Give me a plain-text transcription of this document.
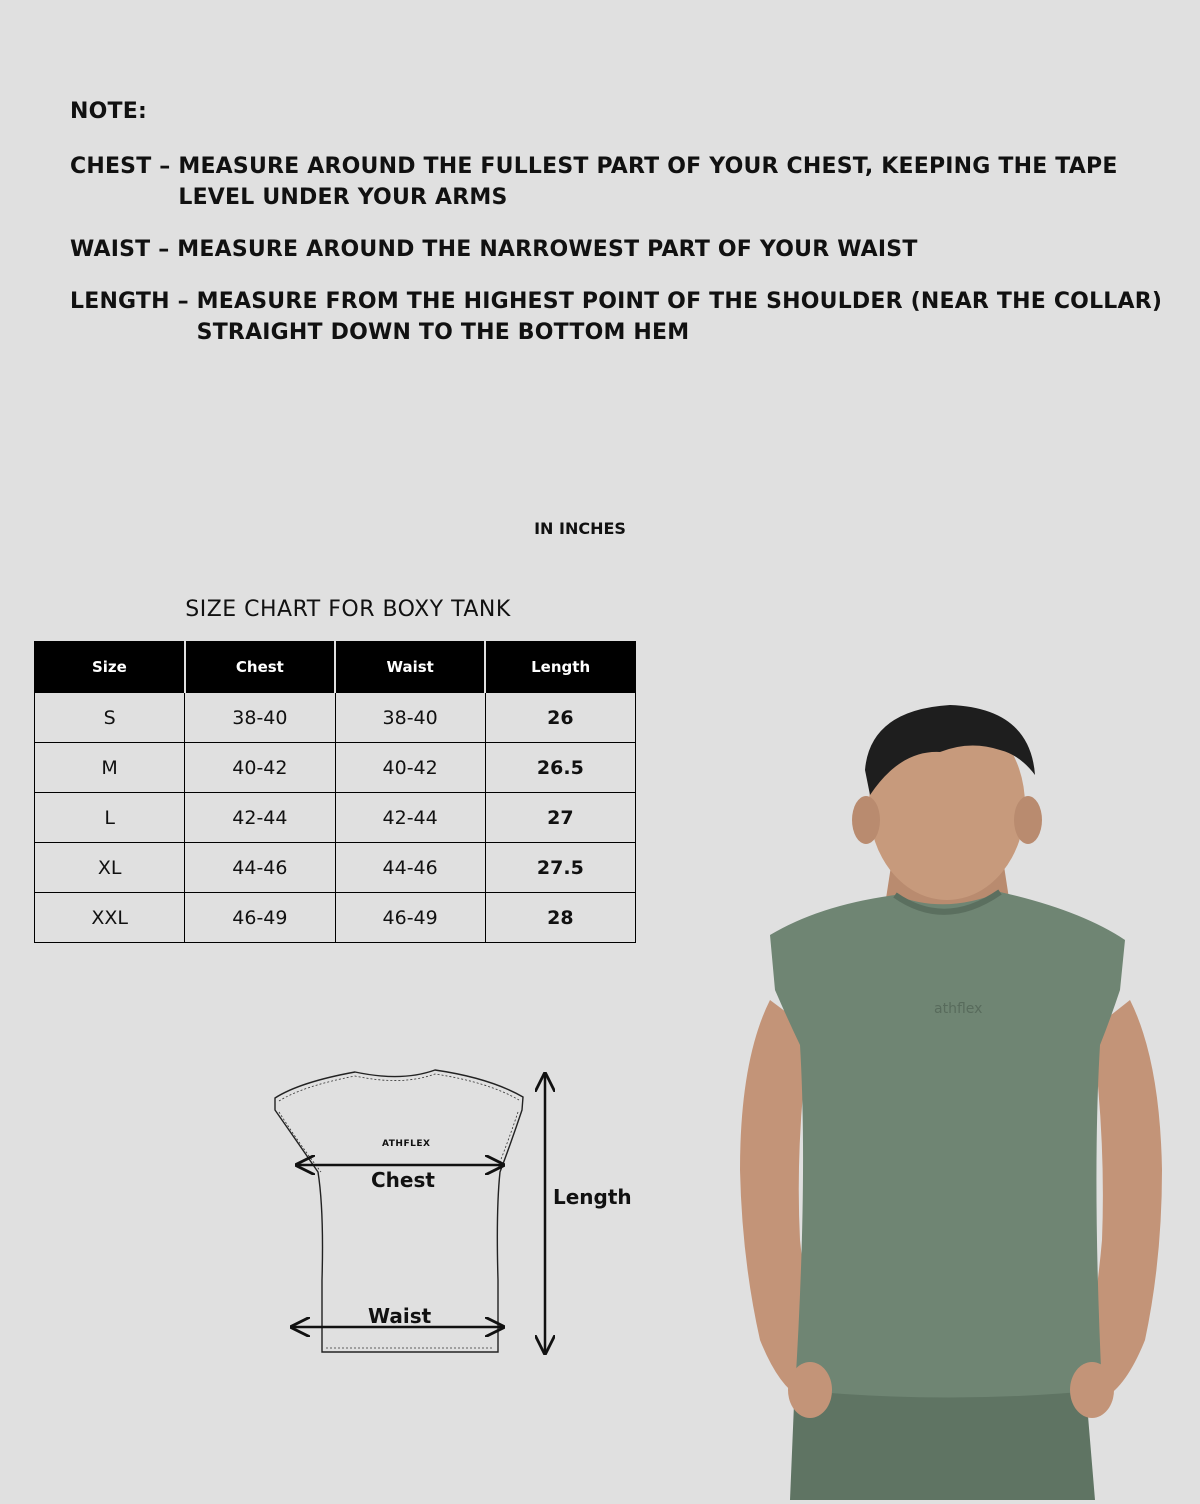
NOTE:
CHEST – MEASURE AROUND THE FULLEST PART OF YOUR CHEST, KEEPING THE TAPE LEVEL UNDER YOUR ARMS
WAIST – MEASURE AROUND THE NARROWEST PART OF YOUR WAIST
LENGTH – MEASURE FROM THE HIGHEST POINT OF THE SHOULDER (NEAR THE COLLAR) STRAIGHT DOWN TO THE BOTTOM HEM
IN INCHES
SIZE CHART FOR BOXY TANK
Size	Chest	Waist	Length
S	38-40	38-40	26
M	40-42	40-42	26.5
L	42-44	42-44	27
XL	44-46	44-46	27.5
XXL	46-49	46-49	28
ATHFLEX
Chest
Waist
Length
athflex
